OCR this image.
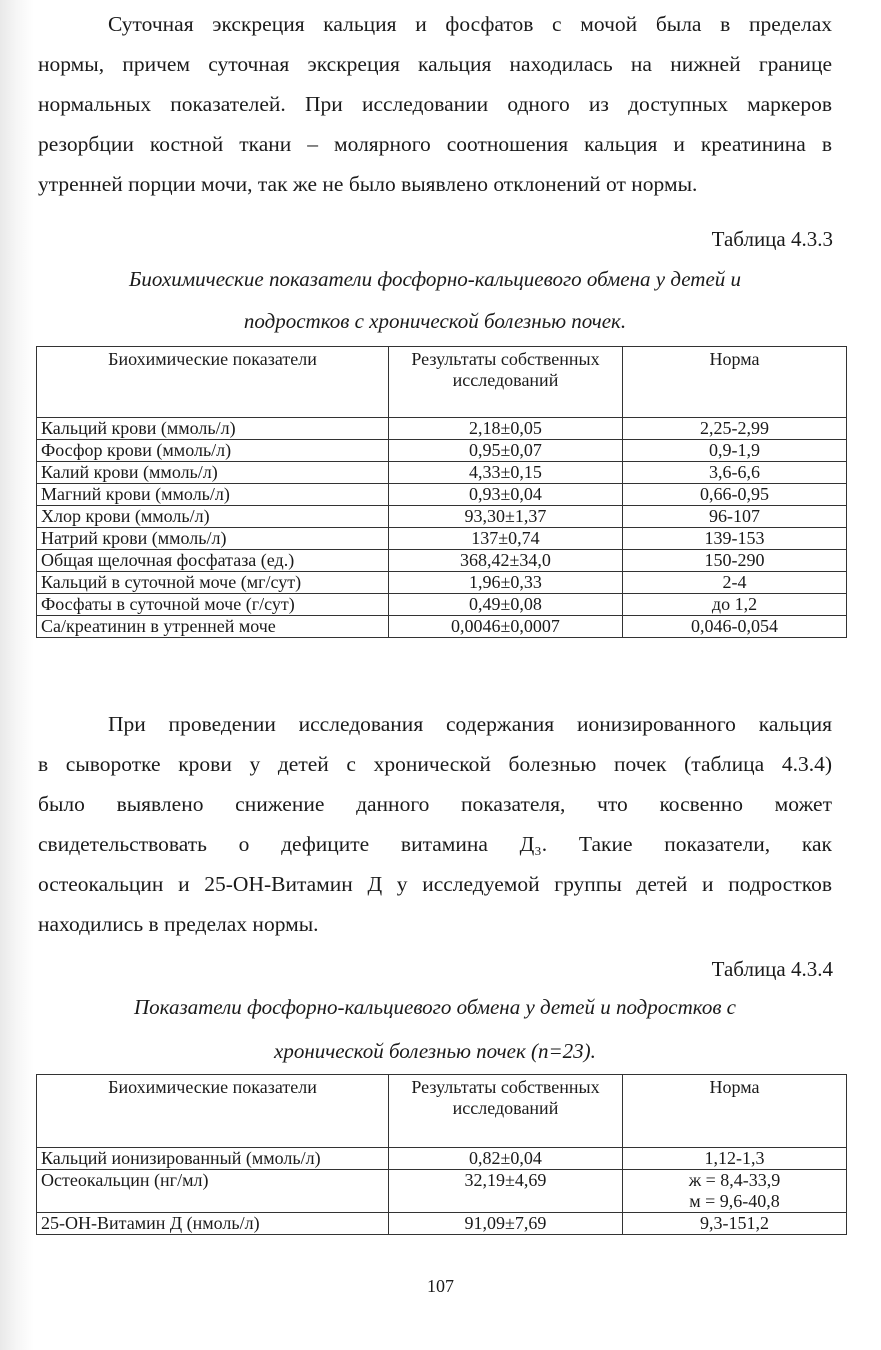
Суточная экскреция кальция и фосфатов с мочой была в пределах
нормы, причем суточная экскреция кальция находилась на нижней границе
нормальных показателей. При исследовании одного из доступных маркеров
резорбции костной ткани – молярного соотношения кальция и креатинина в
утренней порции мочи, так же не было выявлено отклонений от нормы.
Таблица 4.3.3
Биохимические показатели фосфорно-кальциевого обмена у детей и
подростков с хронической болезнью почек.
Биохимические показатели	Результаты собственных исследований	Норма
Кальций крови (ммоль/л)	2,18±0,05	2,25-2,99
Фосфор крови (ммоль/л)	0,95±0,07	0,9-1,9
Калий крови (ммоль/л)	4,33±0,15	3,6-6,6
Магний крови (ммоль/л)	0,93±0,04	0,66-0,95
Хлор крови (ммоль/л)	93,30±1,37	96-107
Натрий крови (ммоль/л)	137±0,74	139-153
Общая щелочная фосфатаза (ед.)	368,42±34,0	150-290
Кальций в суточной моче (мг/сут)	1,96±0,33	2-4
Фосфаты в суточной моче (г/сут)	0,49±0,08	до 1,2
Ca/креатинин в утренней моче	0,0046±0,0007	0,046-0,054
При проведении исследования содержания ионизированного кальция
в сыворотке крови у детей с хронической болезнью почек (таблица 4.3.4)
было выявлено снижение данного показателя, что косвенно может
свидетельствовать о дефиците витамина Д₃. Такие показатели, как
остеокальцин и 25-ОН-Витамин Д у исследуемой группы детей и подростков
находились в пределах нормы.
Таблица 4.3.4
Показатели фосфорно-кальциевого обмена у детей и подростков с
хронической болезнью почек (n=23).
Биохимические показатели	Результаты собственных исследований	Норма
Кальций ионизированный (ммоль/л)	0,82±0,04	1,12-1,3
Остеокальцин (нг/мл)	32,19±4,69	ж = 8,4-33,9
м = 9,6-40,8
25-ОН-Витамин Д (нмоль/л)	91,09±7,69	9,3-151,2
107
